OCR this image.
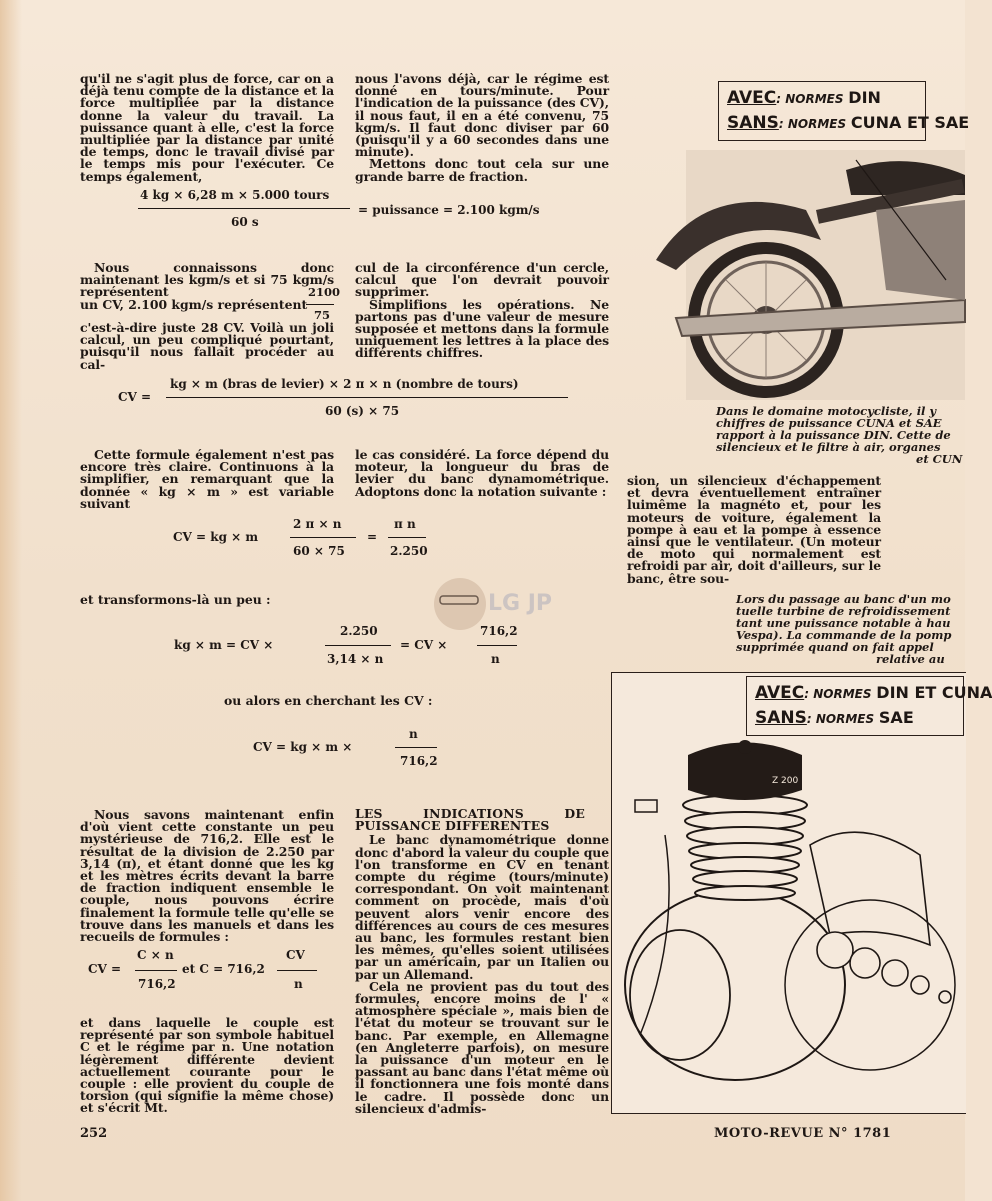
qu'il ne s'agit plus de force, car on a déjà tenu compte de la distance et la force multipliée par la distance donne la valeur du travail. La puissance quant à elle, c'est la force multipliée par la distance par unité de temps, donc le travail divisé par le temps mis pour l'exécuter. Ce temps également,

nous l'avons déjà, car le régime est donné en tours/minute. Pour l'indication de la puissance (des CV), il nous faut, il en a été convenu, 75 kgm/s. Il faut donc diviser par 60 (puisqu'il y a 60 secondes dans une minute).

Mettons donc tout cela sur une grande barre de fraction.

4 kg × 6,28 m × 5.000 tours
60 s
= puissance = 2.100 kgm/s

Nous connaissons donc maintenant les kgm/s et si 75 kgm/s représentent	2100
un CV, 2.100 kgm/s représentent
75

c'est-à-dire juste 28 CV. Voilà un joli calcul, un peu compliqué pourtant, puisqu'il nous fallait procéder au cal-

cul de la circonférence d'un cercle, calcul que l'on devrait pouvoir supprimer.

Simplifions les opérations. Ne partons pas d'une valeur de mesure supposée et mettons dans la formule uniquement les lettres à la place des différents chiffres.

CV =
kg × m (bras de levier) × 2 π × n (nombre de tours)
60 (s) × 75

Cette formule également n'est pas encore très claire. Continuons à la simplifier, en remarquant que la donnée « kg × m » est variable suivant

le cas considéré. La force dépend du moteur, la longueur du bras de levier du banc dynamométrique. Adoptons donc la notation suivante :

CV = kg × m
2 π × n
60 × 75
=
π n
2.250
et transformons-là un peu :	LG JP
kg × m = CV ×
2.250
3,14 × n
= CV ×
716,2
n
ou alors en cherchant les CV :
CV = kg × m ×
n
716,2

Nous savons maintenant enfin d'où vient cette constante un peu mystérieuse de 716,2. Elle est le résultat de la division de 2.250 par 3,14 (π), et étant donné que les kg et les mètres écrits devant la barre de fraction indiquent ensemble le couple, nous pouvons écrire finalement la formule telle qu'elle se trouve dans les manuels et dans les recueils de formules :

CV =
C × n
716,2
et C = 716,2
CV
n

et dans laquelle le couple est représenté par son symbole habituel C et le régime par n. Une notation légèrement différente devient actuellement courante pour le couple : elle provient du couple de torsion (qui signifie la même chose) et s'écrit Mt.

LES INDICATIONS DE PUISSANCE DIFFERENTES

Le banc dynamométrique donne donc d'abord la valeur du couple que l'on transforme en CV en tenant compte du régime (tours/minute) correspondant. On voit maintenant comment on procède, mais d'où peuvent alors venir encore des différences au cours de ces mesures au banc, les formules restant bien les mêmes, qu'elles soient utilisées par un américain, par un Italien ou par un Allemand.

Cela ne provient pas du tout des formules, encore moins de l' « atmosphère spéciale », mais bien de l'état du moteur se trouvant sur le banc. Par exemple, en Allemagne (en Angleterre parfois), on mesure la puissance d'un moteur en le passant au banc dans l'état même où il fonctionnera une fois monté dans le cadre. Il possède donc un silencieux d'admis-

sion, un silencieux d'échappement et devra éventuellement entraîner luimême la magnéto et, pour les moteurs de voiture, également la pompe à eau et la pompe à essence ainsi que le ventilateur. (Un moteur de moto qui normalement est refroidi par air, doit d'ailleurs, sur le banc, être sou-

AVEC: NORMES DIN
SANS: NORMES CUNA ET SAE
Dans le domaine motocycliste, il y
chiffres de puissance CUNA et SAE
rapport à la puissance DIN. Cette de
silencieux et le filtre à air, organes
et CUN
Lors du passage au banc d'un mo
tuelle turbine de refroidissement
tant une puissance notable à hau
Vespa). La commande de la pomp
supprimée quand on fait appel
relative au
AVEC: NORMES DIN ET CUNA
SANS: NORMES SAE
Z 200
252	MOTO-REVUE N° 1781
